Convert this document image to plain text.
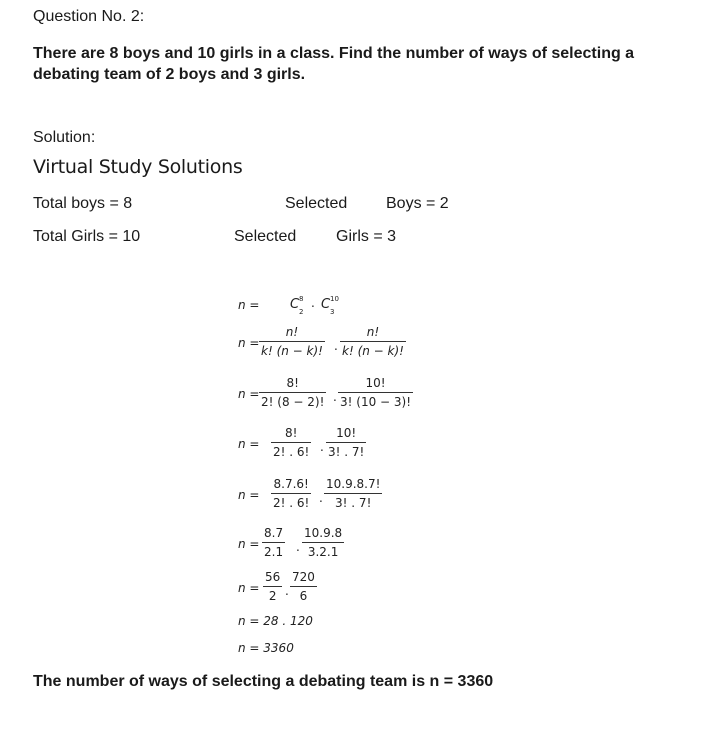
Question No. 2:
There are 8 boys and 10 girls in a class. Find the number of ways of selecting a debating team of 2 boys and 3 girls.
Solution:
Virtual Study Solutions
Total boys = 8	Selected Boys = 2
Total Girls = 10	Selected Girls = 3
n = C 8
2
. C 10
3
n =
n!
k! (n − k)! .
n!
k! (n − k)!
n =
8!
2! (8 − 2)! .
10!
3! (10 − 3)!
n =
8!
2! . 6! .
10!
3! . 7!
n =
8.7.6!
2! . 6! .
10.9.8.7!
3! . 7!
n =
8.7
2.1 .
10.9.8
3.2.1
n =
56
2 .
720
6
n = 28 . 120
n = 3360
The number of ways of selecting a debating team is n = 3360
